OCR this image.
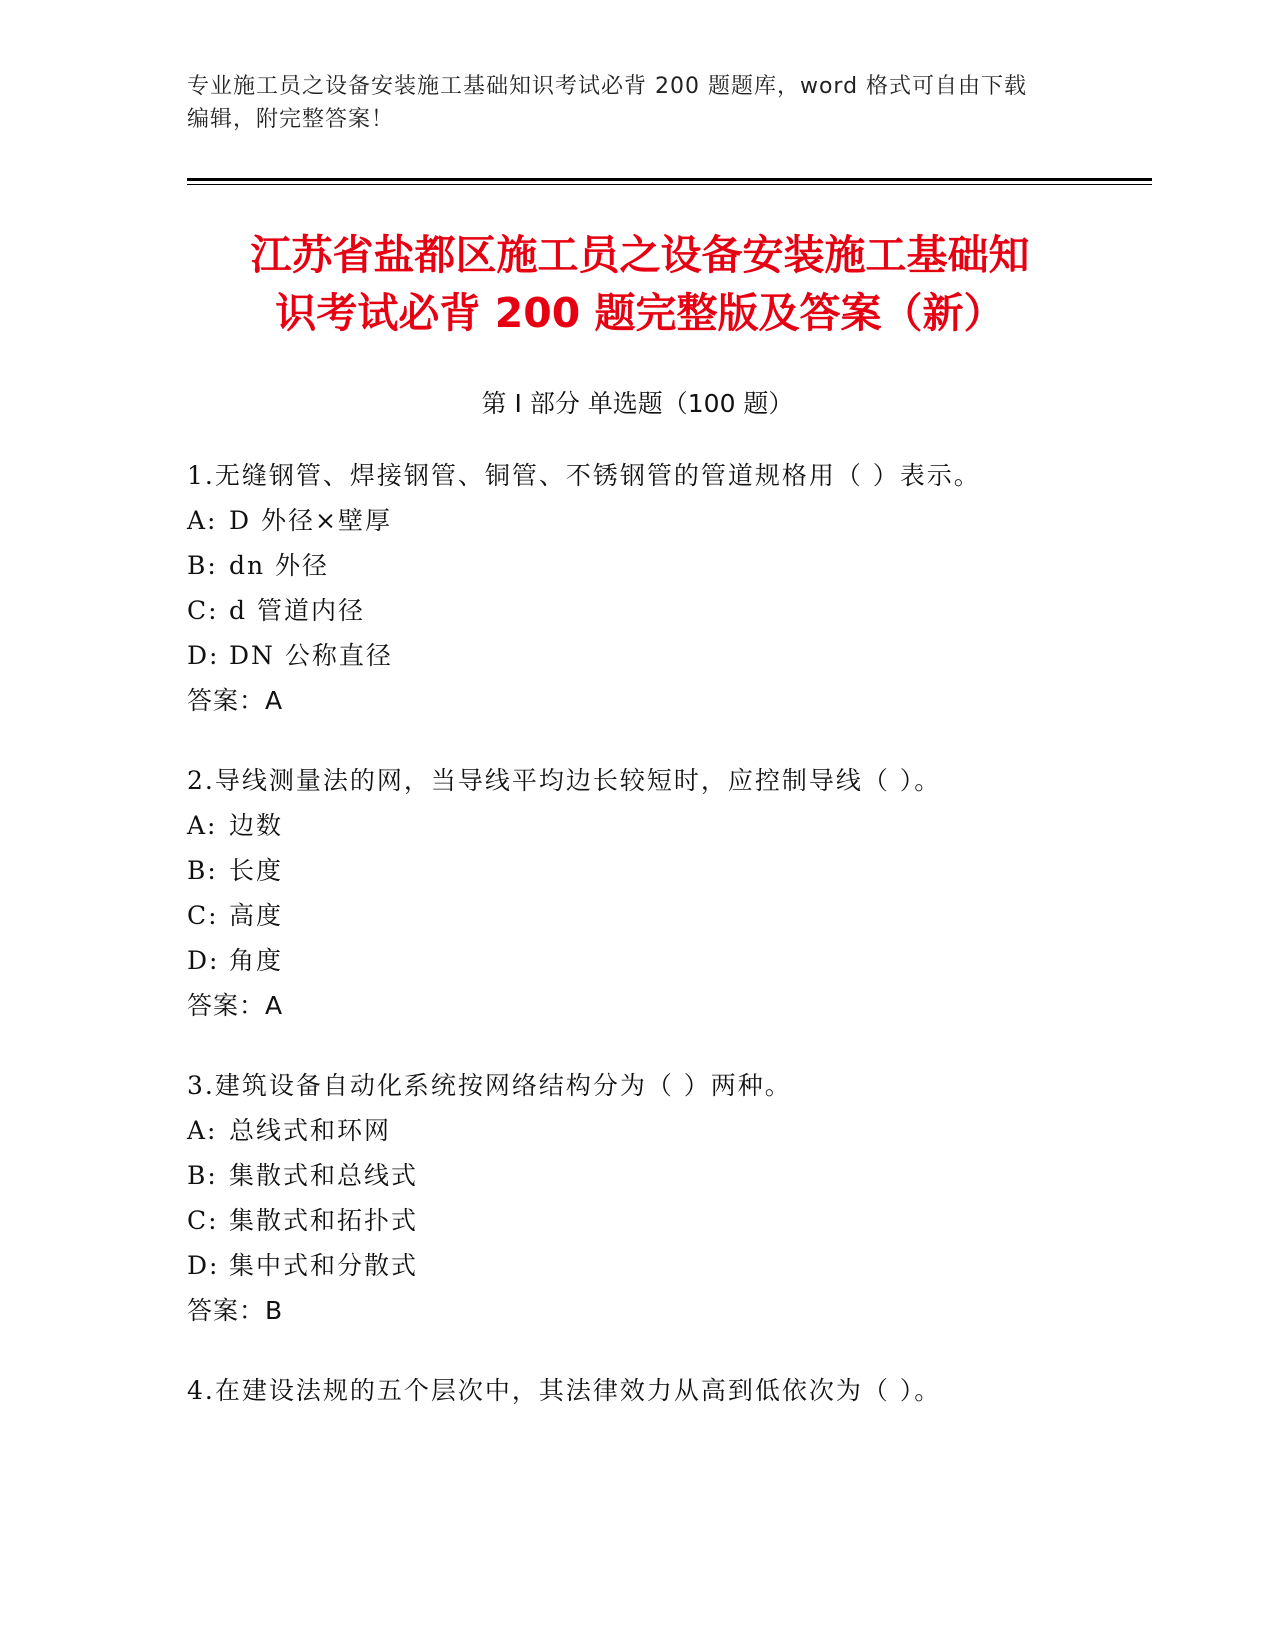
专业施工员之设备安装施工基础知识考试必背 200 题题库，word 格式可自由下载
编辑，附完整答案！
江苏省盐都区施工员之设备安装施工基础知
识考试必背 200 题完整版及答案（新）
第 I 部分 单选题（100 题）
1.无缝钢管、焊接钢管、铜管、不锈钢管的管道规格用（ ）表示。
A: D 外径×壁厚
B: dn 外径
C: d 管道内径
D: DN 公称直径
答案：A
2.导线测量法的网，当导线平均边长较短时，应控制导线（ ）。
A: 边数
B: 长度
C: 高度
D: 角度
答案：A
3.建筑设备自动化系统按网络结构分为（ ）两种。
A: 总线式和环网
B: 集散式和总线式
C: 集散式和拓扑式
D: 集中式和分散式
答案：B
4.在建设法规的五个层次中，其法律效力从高到低依次为（ ）。
